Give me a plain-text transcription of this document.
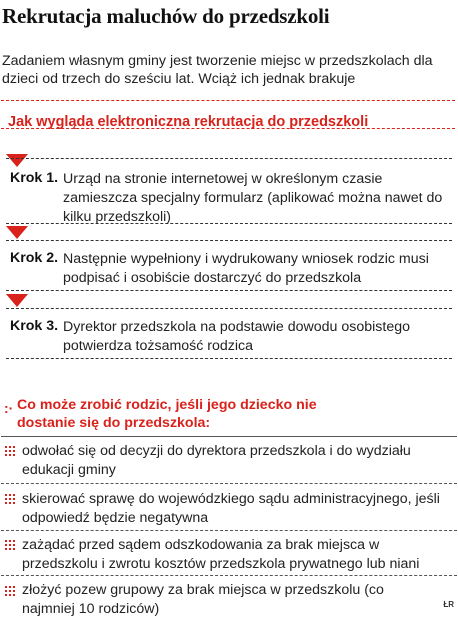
Rekrutacja maluchów do przedszkoli
Zadaniem własnym gminy jest tworzenie miejsc w przedszkolach dla dzieci od trzech do sześciu lat. Wciąż ich jednak brakuje
Jak wygląda elektroniczna rekrutacja do przedszkoli
Krok 1. Urząd na stronie internetowej w określonym czasie zamieszcza specjalny formularz (aplikować można nawet do kilku przedszkoli)
Krok 2. Następnie wypełniony i wydrukowany wniosek rodzic musi podpisać i osobiście dostarczyć do przedszkola
Krok 3. Dyrektor przedszkola na podstawie dowodu osobistego potwierdza tożsamość rodzica
:· Co może zrobić rodzic, jeśli jego dziecko nie dostanie się do przedszkola:
odwołać się od decyzji do dyrektora przedszkola i do wydziału edukacji gminy
skierować sprawę do wojewódzkiego sądu administracyjnego, jeśli odpowiedź będzie negatywna
zażądać przed sądem odszkodowania za brak miejsca w przedszkolu i zwrotu kosztów przedszkola prywatnego lub niani
złożyć pozew grupowy za brak miejsca w przedszkolu (co najmniej 10 rodziców)	ŁR
